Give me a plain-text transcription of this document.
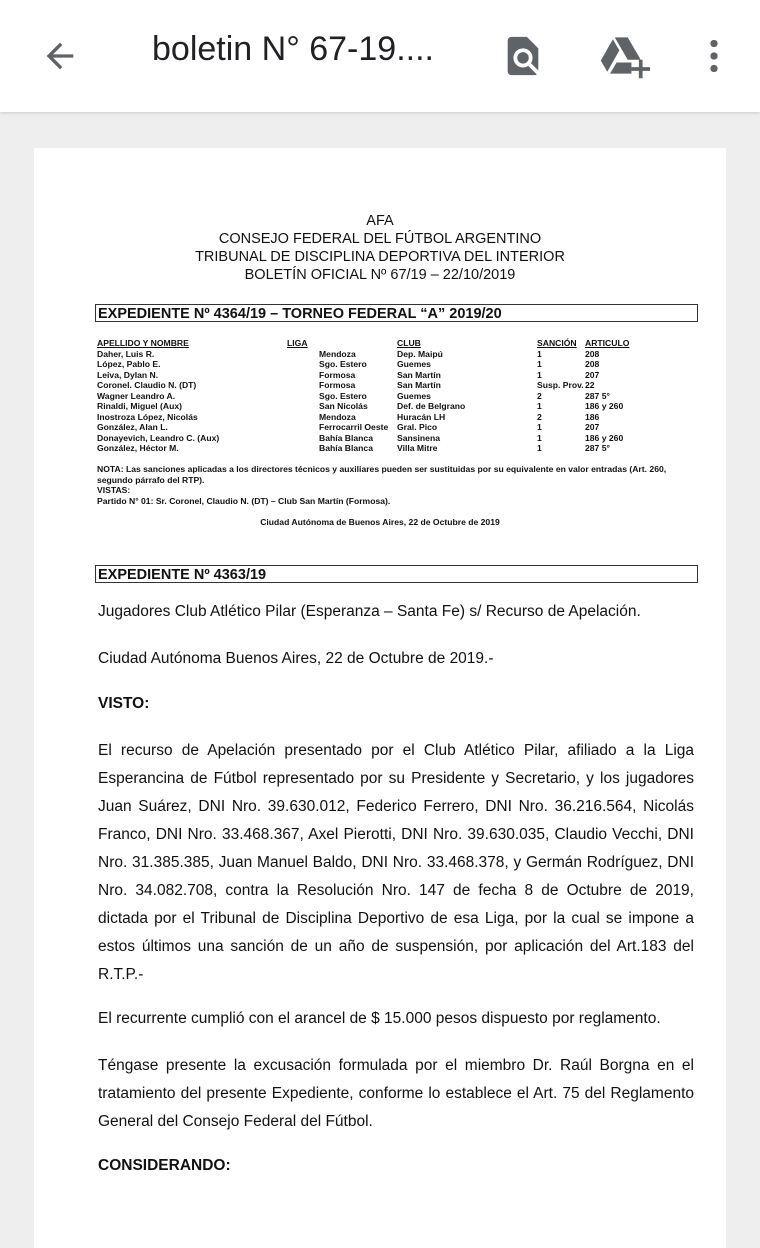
boletin N° 67-19....
AFA
CONSEJO FEDERAL DEL FÚTBOL ARGENTINO
TRIBUNAL DE DISCIPLINA DEPORTIVA DEL INTERIOR
BOLETÍN OFICIAL Nº 67/19 – 22/10/2019
EXPEDIENTE Nº 4364/19 – TORNEO FEDERAL “A” 2019/20
APELLIDO Y NOMBRE	LIGA	CLUB	SANCIÓN	ARTICULO
Daher, Luis R.	Mendoza	Dep. Maipú	1	208
López, Pablo E.	Sgo. Estero	Guemes	1	208
Leiva, Dylan N.	Formosa	San Martín	1	207
Coronel. Claudio N. (DT)	Formosa	San Martín	Susp. Prov.	22
Wagner Leandro A.	Sgo. Estero	Guemes	2	287 5°
Rinaldi, Miguel (Aux)	San Nicolás	Def. de Belgrano	1	186 y 260
Inostroza López, Nicolás	Mendoza	Huracán LH	2	186
González, Alan L.	Ferrocarril Oeste	Gral. Pico	1	207
Donayevich, Leandro C. (Aux)	Bahía Blanca	Sansinena	1	186 y 260
González, Héctor M.	Bahía Blanca	Villa Mitre	1	287 5°
NOTA: Las sanciones aplicadas a los directores técnicos y auxiliares pueden ser sustituidas por su equivalente en valor entradas (Art. 260, segundo párrafo del RTP).
VISTAS:
Partido N° 01: Sr. Coronel, Claudio N. (DT) – Club San Martín (Formosa).
Ciudad Autónoma de Buenos Aires, 22 de Octubre de 2019
EXPEDIENTE Nº 4363/19
Jugadores Club Atlético Pilar (Esperanza – Santa Fe) s/ Recurso de Apelación.
Ciudad Autónoma Buenos Aires, 22 de Octubre de 2019.-
VISTO:
El recurso de Apelación presentado por el Club Atlético Pilar, afiliado a la Liga Esperancina de Fútbol representado por su Presidente y Secretario, y los jugadores Juan Suárez, DNI Nro. 39.630.012, Federico Ferrero, DNI Nro. 36.216.564, Nicolás Franco, DNI Nro. 33.468.367, Axel Pierotti, DNI Nro. 39.630.035, Claudio Vecchi, DNI Nro. 31.385.385, Juan Manuel Baldo, DNI Nro. 33.468.378, y Germán Rodríguez, DNI Nro. 34.082.708, contra la Resolución Nro. 147 de fecha 8 de Octubre de 2019, dictada por el Tribunal de Disciplina Deportivo de esa Liga, por la cual se impone a estos últimos una sanción de un año de suspensión, por aplicación del Art.183 del R.T.P.-
El recurrente cumplió con el arancel de $ 15.000 pesos dispuesto por reglamento.
Téngase presente la excusación formulada por el miembro Dr. Raúl Borgna en el tratamiento del presente Expediente, conforme lo establece el Art. 75 del Reglamento General del Consejo Federal del Fútbol.
CONSIDERANDO:
